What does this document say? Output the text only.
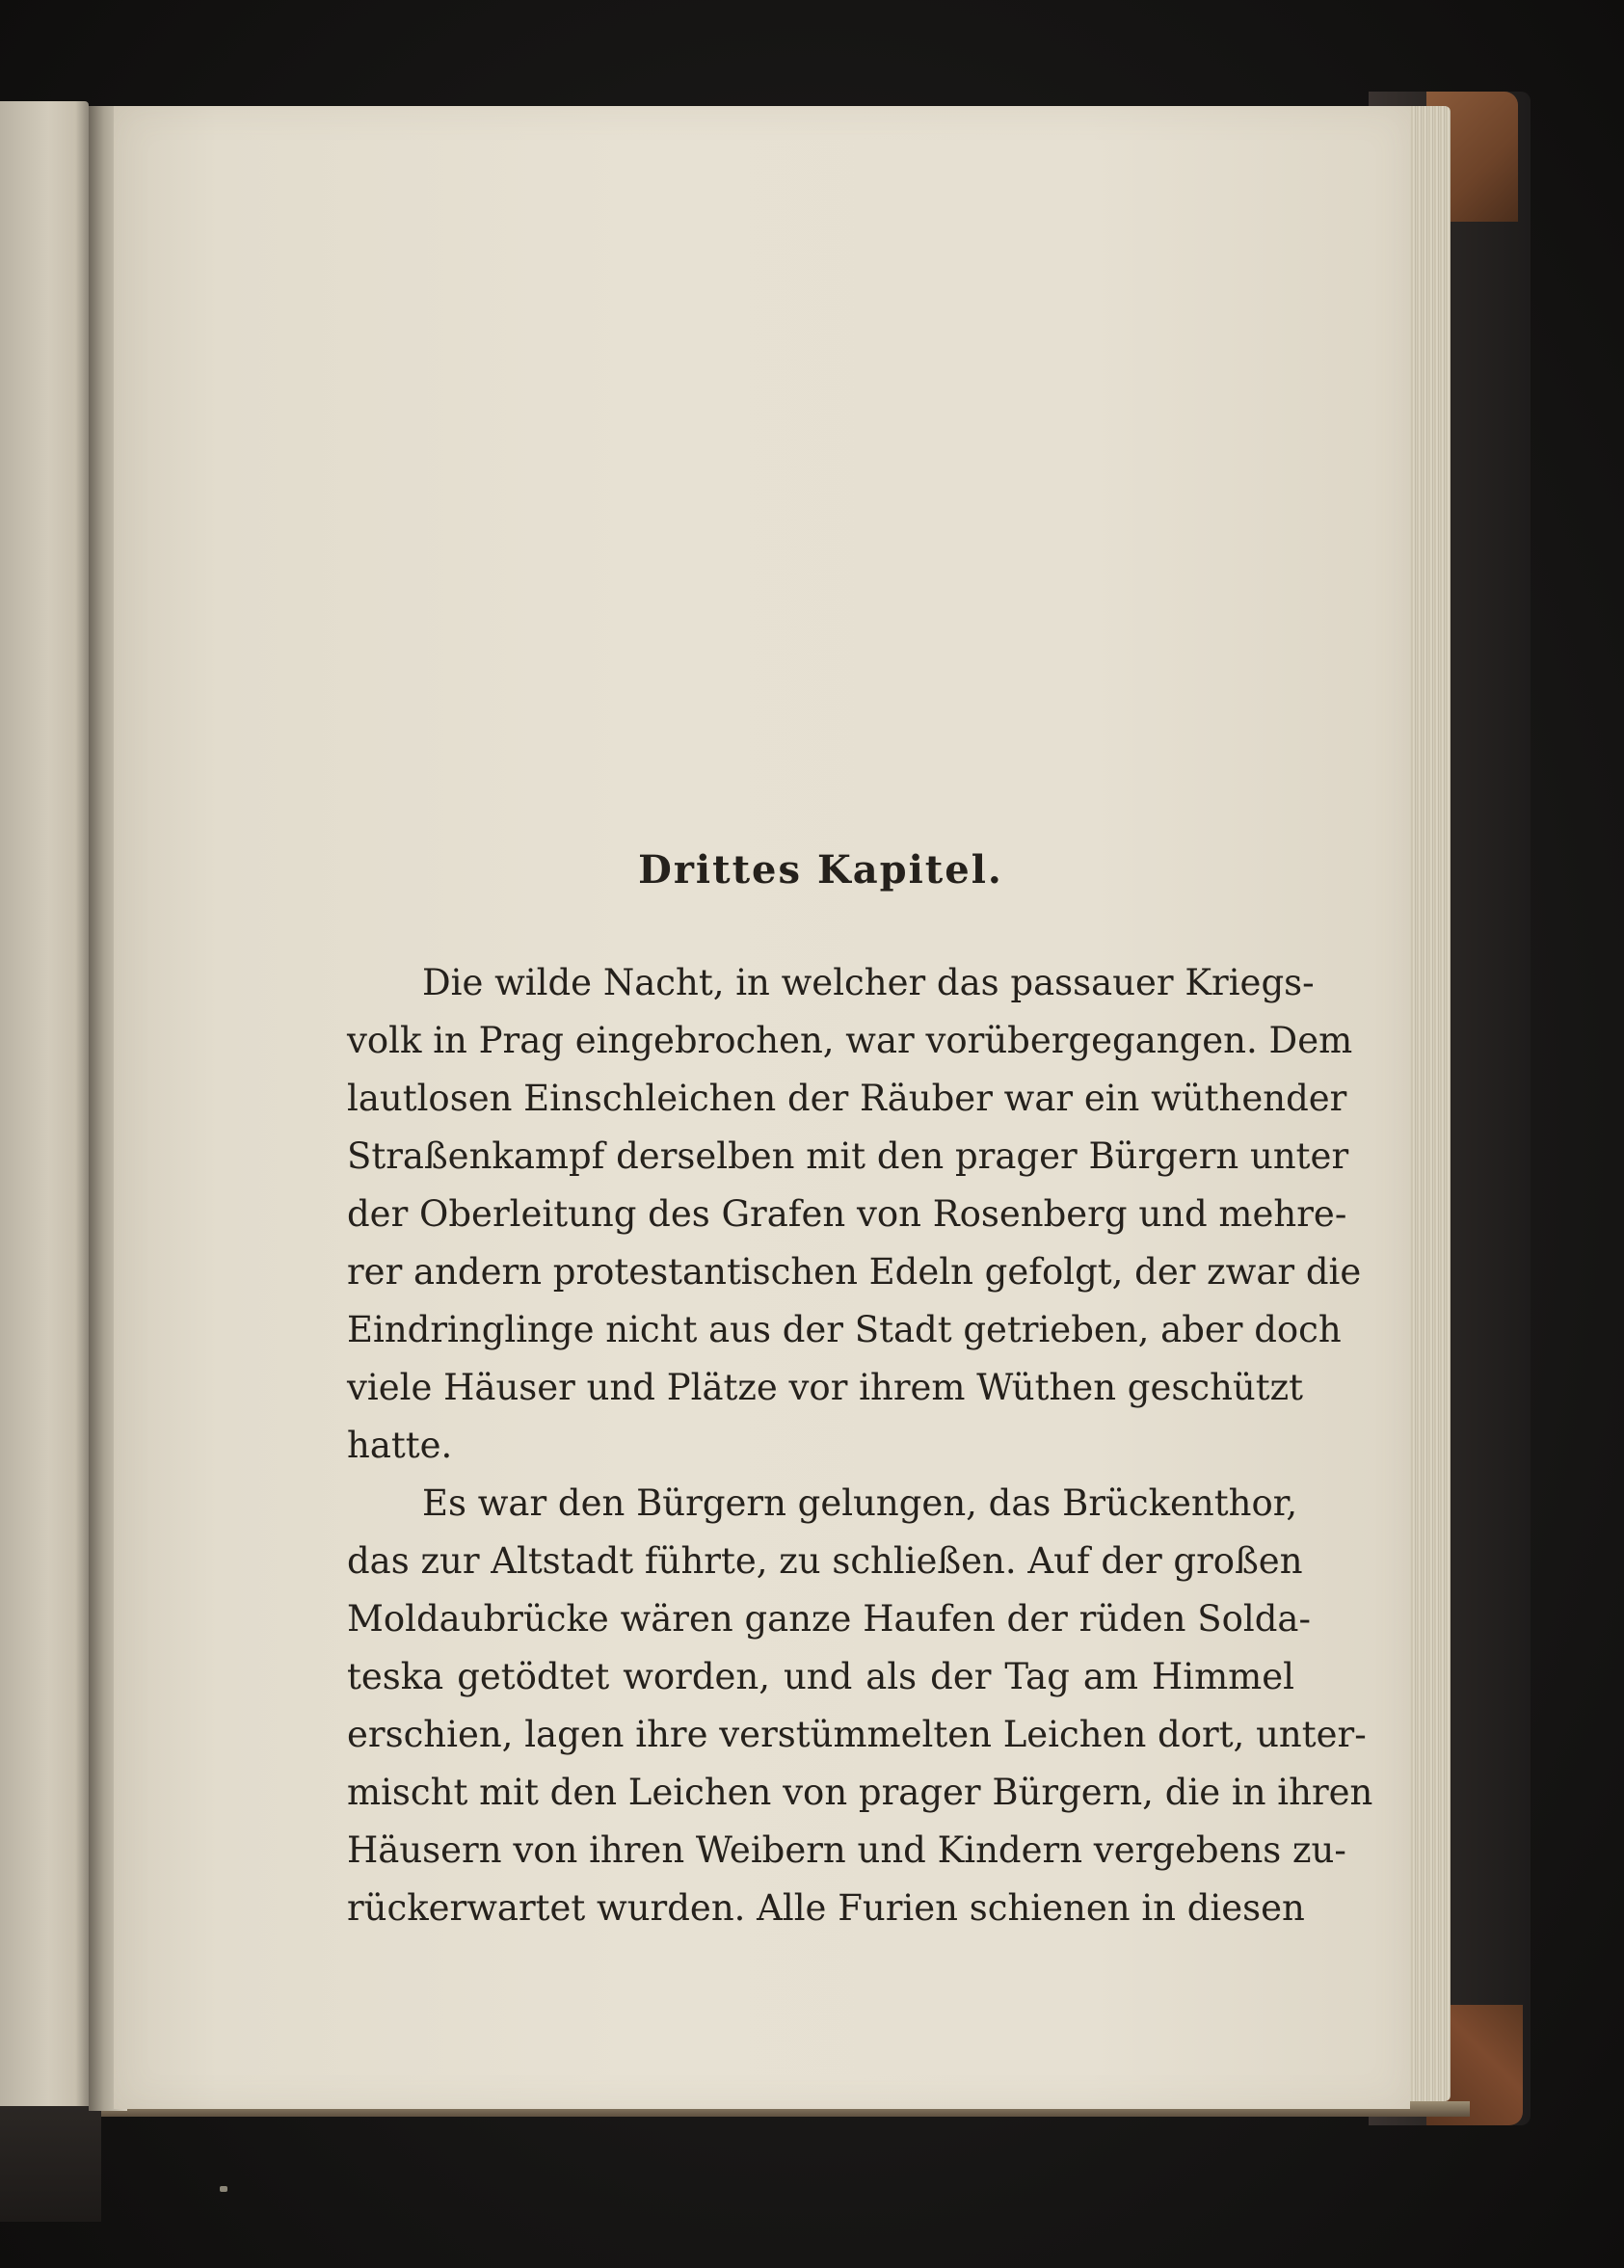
Drittes Kapitel.

Die wilde Nacht, in welcher das passauer Kriegs-

volk in Prag eingebrochen, war vorübergegangen. Dem

lautlosen Einschleichen der Räuber war ein wüthender

Straßenkampf derselben mit den prager Bürgern unter

der Oberleitung des Grafen von Rosenberg und mehre-

rer andern protestantischen Edeln gefolgt, der zwar die

Eindringlinge nicht aus der Stadt getrieben, aber doch

viele Häuser und Plätze vor ihrem Wüthen geschützt

hatte.

Es war den Bürgern gelungen, das Brückenthor,

das zur Altstadt führte, zu schließen. Auf der großen

Moldaubrücke wären ganze Haufen der rüden Solda-

teska getödtet worden, und als der Tag am Himmel

erschien, lagen ihre verstümmelten Leichen dort, unter-

mischt mit den Leichen von prager Bürgern, die in ihren

Häusern von ihren Weibern und Kindern vergebens zu-

rückerwartet wurden. Alle Furien schienen in diesen
